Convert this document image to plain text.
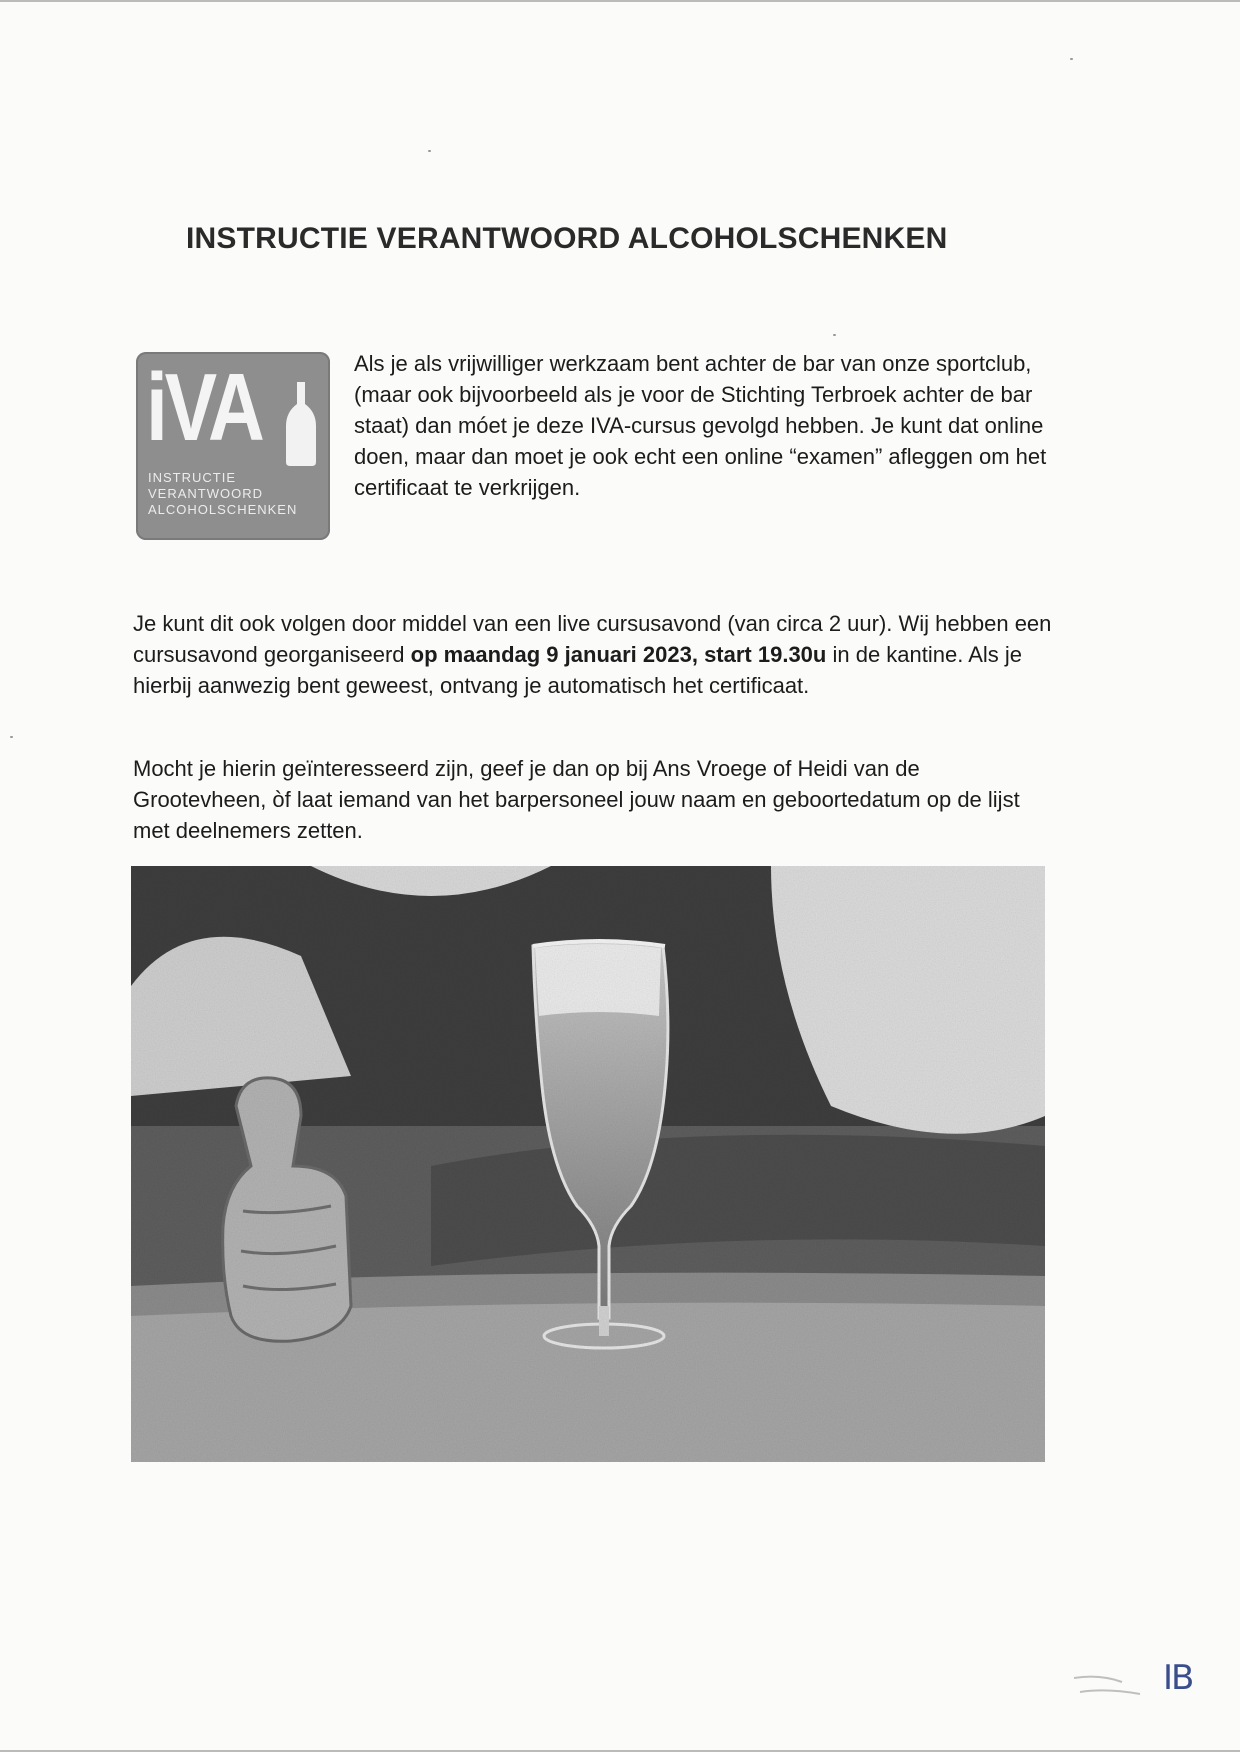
INSTRUCTIE VERANTWOORD ALCOHOLSCHENKEN
iVA
INSTRUCTIE
VERANTWOORD
ALCOHOLSCHENKEN

Als je als vrijwilliger werkzaam bent achter de bar van onze sportclub, (maar ook bijvoorbeeld als je voor de Stichting Terbroek achter de bar staat) dan móet je deze IVA-cursus gevolgd hebben. Je kunt dat online doen, maar dan moet je ook echt een online “examen” afleggen om het certificaat te verkrijgen.

Je kunt dit ook volgen door middel van een live cursusavond (van circa 2 uur). Wij hebben een cursusavond georganiseerd op maandag 9 januari 2023, start 19.30u in de kantine. Als je hierbij aanwezig bent geweest, ontvang je automatisch het certificaat.

Mocht je hierin geïnteresseerd zijn, geef je dan op bij Ans Vroege of Heidi van de Grootevheen, òf laat iemand van het barpersoneel jouw naam en geboortedatum op de lijst met deelnemers zetten.

IB
